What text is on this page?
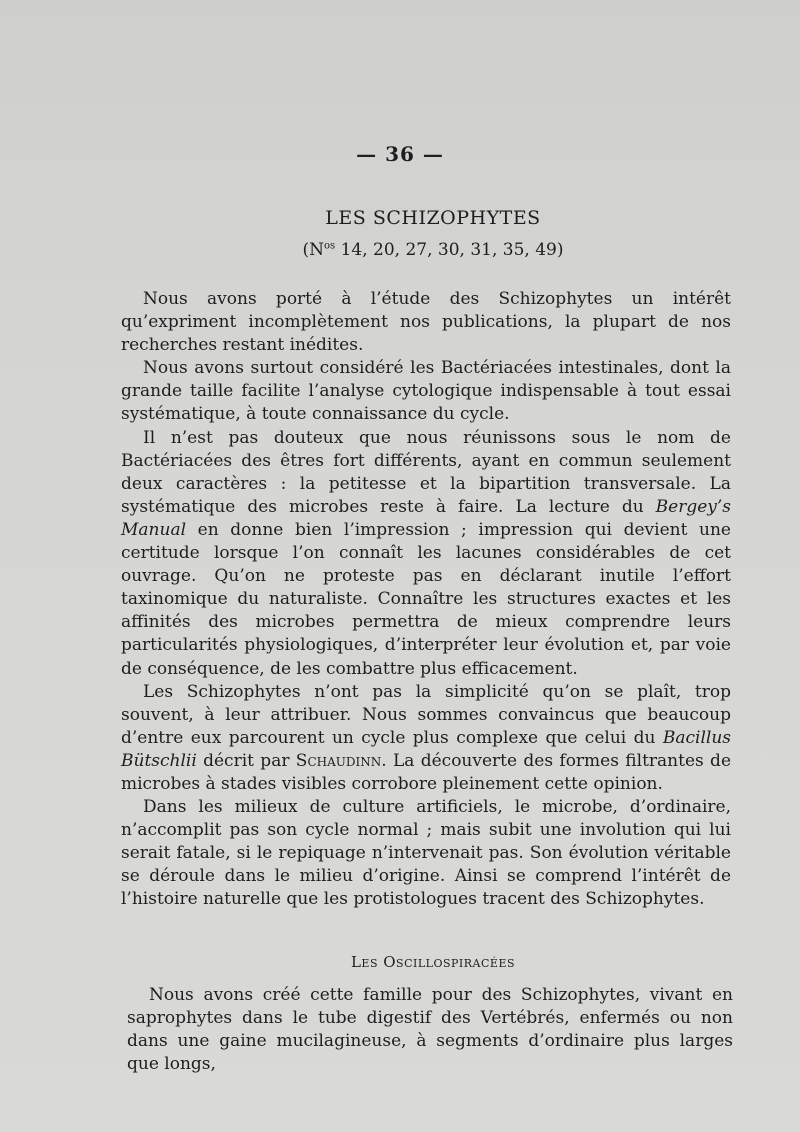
— 36 —
LES SCHIZOPHYTES
($N^{os}$ 14, 20, 27, 30, 31, 35, 49)

Nous avons porté à l’étude des Schizophytes un intérêt qu’expriment incomplètement nos publications, la plupart de nos recherches restant inédites.

Nous avons surtout considéré les Bactériacées intestinales, dont la grande taille facilite l’analyse cytologique indispensable à tout essai systématique, à toute connaissance du cycle.

Il n’est pas douteux que nous réunissons sous le nom de Bactériacées des êtres fort différents, ayant en commun seulement deux caractères : la petitesse et la bipartition transversale. La systématique des microbes reste à faire. La lecture du Bergey’s Manual en donne bien l’impression ; impression qui devient une certitude lorsque l’on connaît les lacunes considérables de cet ouvrage. Qu’on ne proteste pas en déclarant inutile l’effort taxinomique du naturaliste. Connaître les structures exactes et les affinités des microbes permettra de mieux comprendre leurs particularités physiologiques, d’interpréter leur évolution et, par voie de conséquence, de les combattre plus efficacement.

Les Schizophytes n’ont pas la simplicité qu’on se plaît, trop souvent, à leur attribuer. Nous sommes convaincus que beaucoup d’entre eux parcourent un cycle plus complexe que celui du Bacillus Bütschlii décrit par Schaudinn. La découverte des formes filtrantes de microbes à stades visibles corrobore pleinement cette opinion.

Dans les milieux de culture artificiels, le microbe, d’ordinaire, n’accomplit pas son cycle normal ; mais subit une involution qui lui serait fatale, si le repiquage n’intervenait pas. Son évolution véritable se déroule dans le milieu d’origine. Ainsi se comprend l’intérêt de l’histoire naturelle que les protistologues tracent des Schizophytes.

Les Oscillospiracées

Nous avons créé cette famille pour des Schizophytes, vivant en saprophytes dans le tube digestif des Vertébrés, enfermés ou non dans une gaine mucilagineuse, à segments d’ordinaire plus larges que longs,
